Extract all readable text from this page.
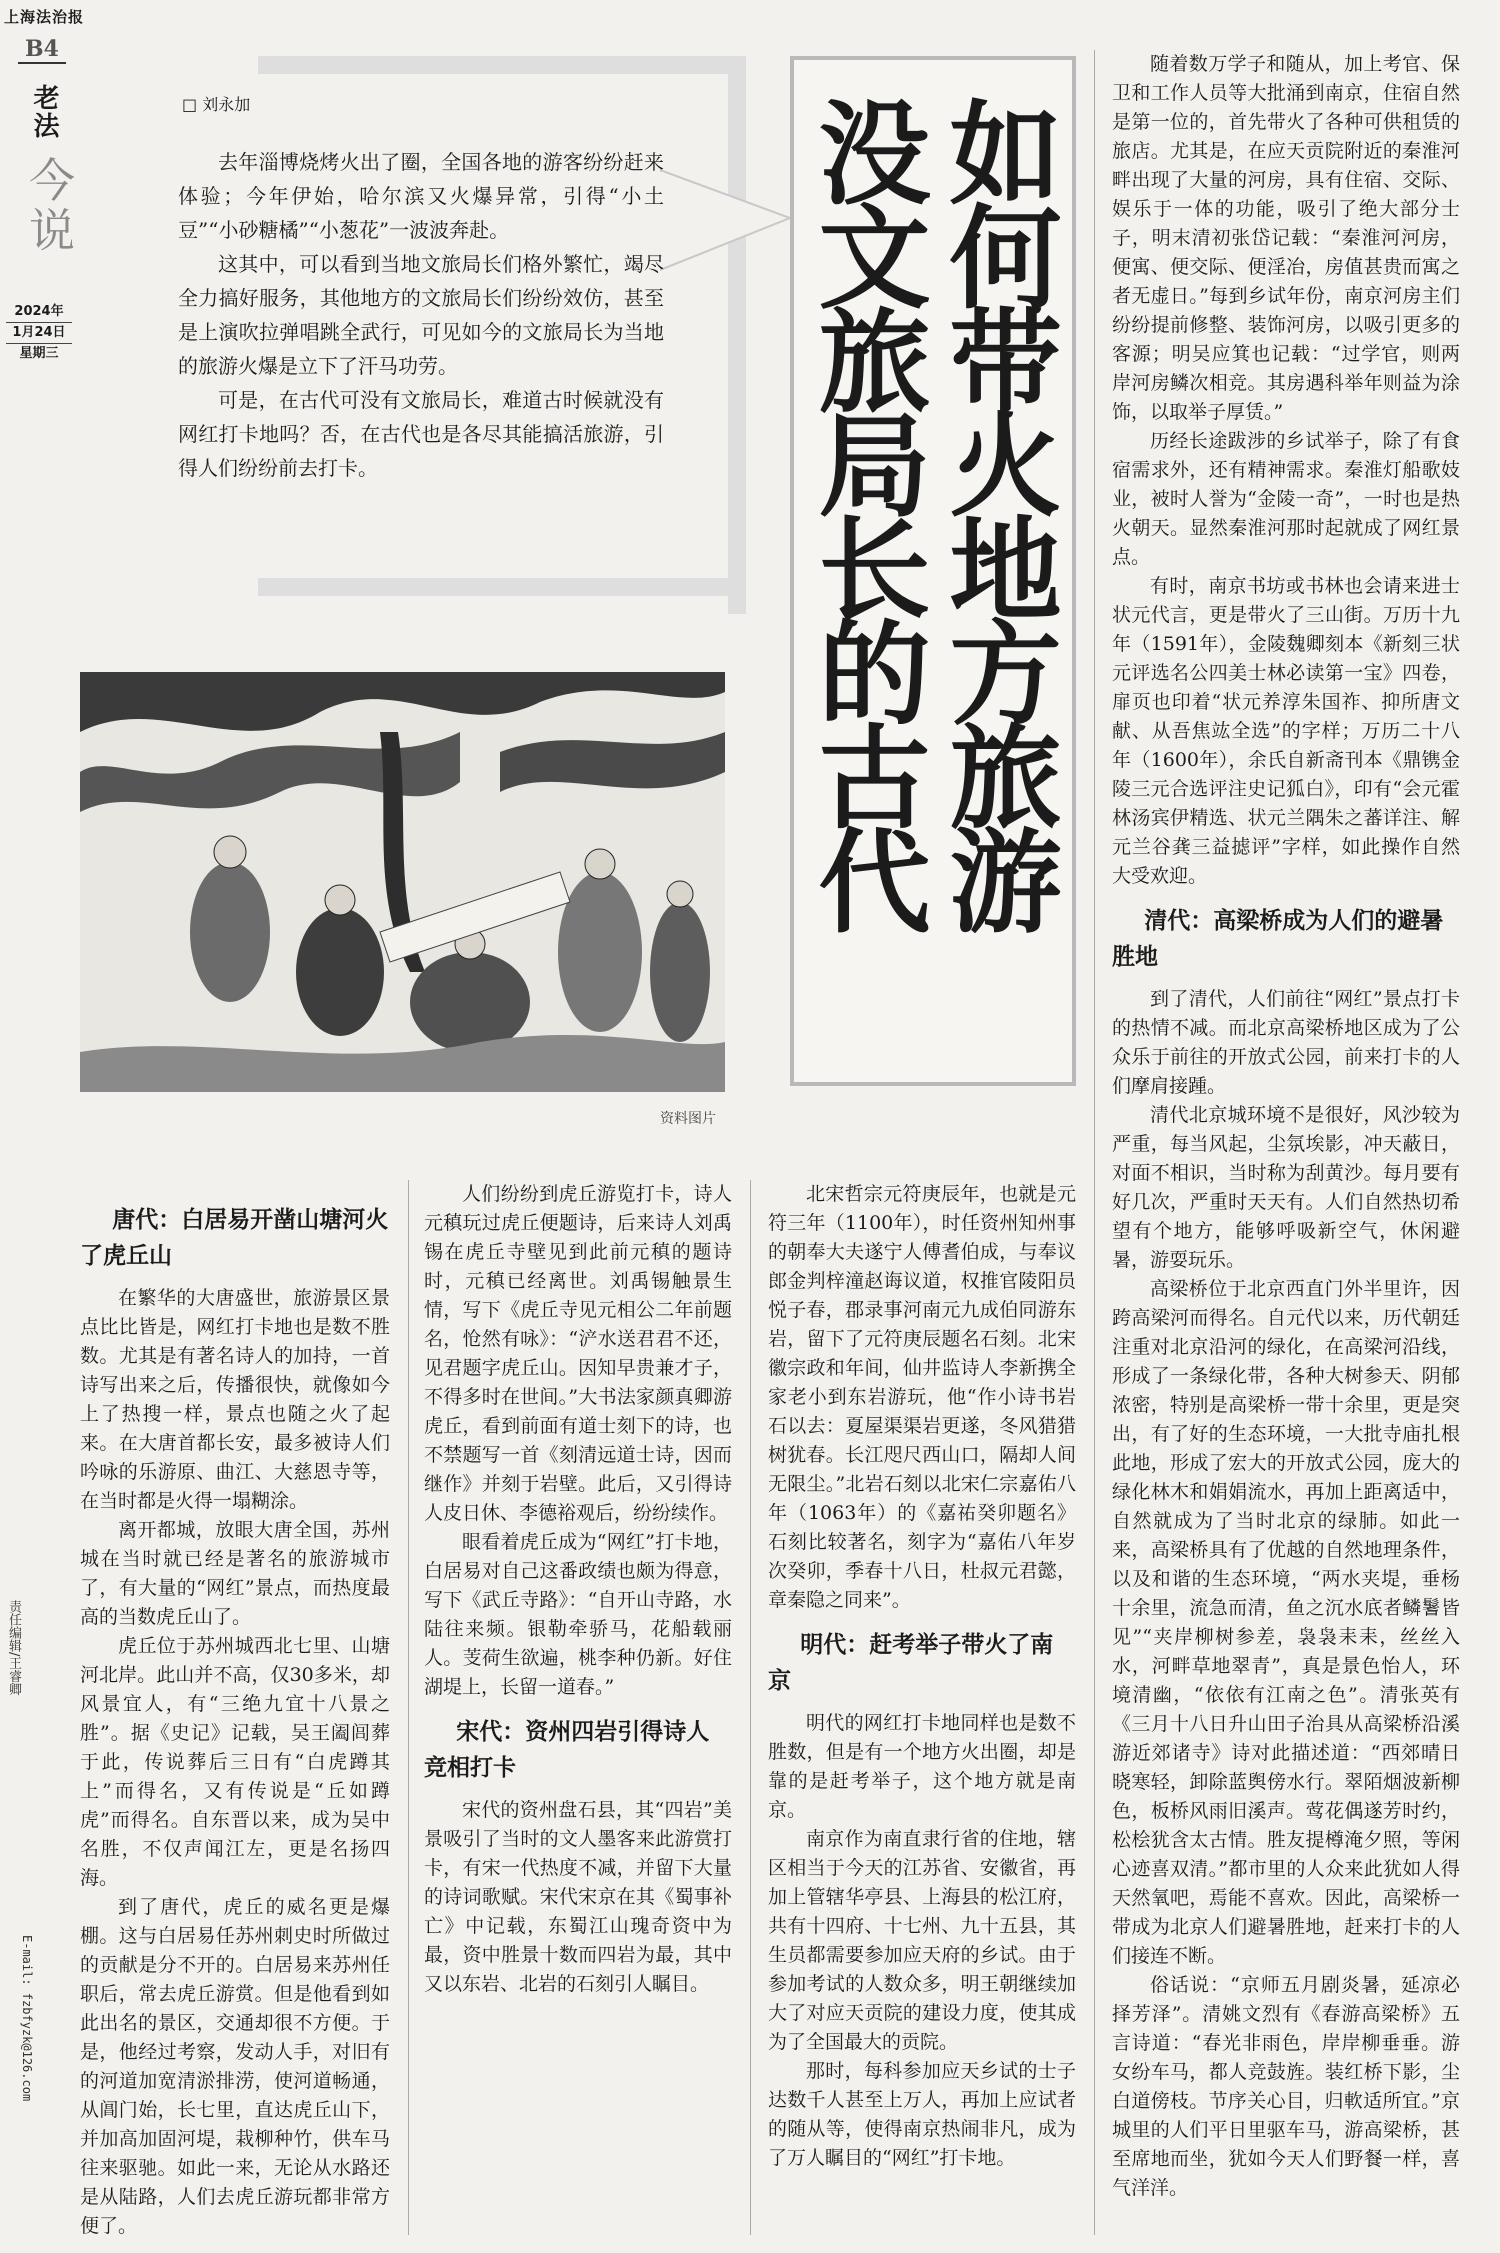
上海法治报
B4
老法
今说
2024年
1月24日
星期三
责任编辑/王睿卿
E-mail: fzbfyzk@126.com
□ 刘永加

去年淄博烧烤火出了圈，全国各地的游客纷纷赶来体验；今年伊始，哈尔滨又火爆异常，引得“小土豆”“小砂糖橘”“小葱花”一波波奔赴。

这其中，可以看到当地文旅局长们格外繁忙，竭尽全力搞好服务，其他地方的文旅局长们纷纷效仿，甚至是上演吹拉弹唱跳全武行，可见如今的文旅局长为当地的旅游火爆是立下了汗马功劳。

可是，在古代可没有文旅局长，难道古时候就没有网红打卡地吗？否，在古代也是各尽其能搞活旅游，引得人们纷纷前去打卡。	如何带火地方旅游
没文旅局长的古代
资料图片
唐代：白居易开凿山塘河火了虎丘山

在繁华的大唐盛世，旅游景区景点比比皆是，网红打卡地也是数不胜数。尤其是有著名诗人的加持，一首诗写出来之后，传播很快，就像如今上了热搜一样，景点也随之火了起来。在大唐首都长安，最多被诗人们吟咏的乐游原、曲江、大慈恩寺等，在当时都是火得一塌糊涂。

离开都城，放眼大唐全国，苏州城在当时就已经是著名的旅游城市了，有大量的“网红”景点，而热度最高的当数虎丘山了。

虎丘位于苏州城西北七里、山塘河北岸。此山并不高，仅30多米，却风景宜人，有“三绝九宜十八景之胜”。据《史记》记载，吴王阖闾葬于此，传说葬后三日有“白虎蹲其上”而得名，又有传说是“丘如蹲虎”而得名。自东晋以来，成为吴中名胜，不仅声闻江左，更是名扬四海。

到了唐代，虎丘的威名更是爆棚。这与白居易任苏州刺史时所做过的贡献是分不开的。白居易来苏州任职后，常去虎丘游赏。但是他看到如此出名的景区，交通却很不方便。于是，他经过考察，发动人手，对旧有的河道加宽清淤排涝，使河道畅通，从阊门始，长七里，直达虎丘山下，并加高加固河堤，栽柳种竹，供车马往来驱驰。如此一来，无论从水路还是从陆路，人们去虎丘游玩都非常方便了。

人们纷纷到虎丘游览打卡，诗人元稹玩过虎丘便题诗，后来诗人刘禹锡在虎丘寺壁见到此前元稹的题诗时，元稹已经离世。刘禹锡触景生情，写下《虎丘寺见元相公二年前题名，怆然有咏》：“浐水送君君不还，见君题字虎丘山。因知早贵兼才子，不得多时在世间。”大书法家颜真卿游虎丘，看到前面有道士刻下的诗，也不禁题写一首《刻清远道士诗，因而继作》并刻于岩壁。此后，又引得诗人皮日休、李德裕观后，纷纷续作。

眼看着虎丘成为“网红”打卡地，白居易对自己这番政绩也颇为得意，写下《武丘寺路》：“自开山寺路，水陆往来频。银勒牵骄马，花船载丽人。芰荷生欲遍，桃李种仍新。好住湖堤上，长留一道春。”

宋代：资州四岩引得诗人竞相打卡

宋代的资州盘石县，其“四岩”美景吸引了当时的文人墨客来此游赏打卡，有宋一代热度不减，并留下大量的诗词歌赋。宋代宋京在其《蜀事补亡》中记载，东蜀江山瑰奇资中为最，资中胜景十数而四岩为最，其中又以东岩、北岩的石刻引人瞩目。

北宋哲宗元符庚辰年，也就是元符三年（1100年），时任资州知州事的朝奉大夫遂宁人傅耆伯成，与奉议郎金判梓潼赵诲议道，权推官陵阳员悦子春，郡录事河南元九成伯同游东岩，留下了元符庚辰题名石刻。北宋徽宗政和年间，仙井监诗人李新携全家老小到东岩游玩，他“作小诗书岩石以去：夏屋渠渠岩更遂，冬风猎猎树犹春。长江咫尺西山口，隔却人间无限尘。”北岩石刻以北宋仁宗嘉佑八年（1063年）的《嘉祐癸卯题名》石刻比较著名，刻字为“嘉佑八年岁次癸卯，季春十八日，杜叔元君懿，章秦隐之同来”。

明代：赶考举子带火了南京

明代的网红打卡地同样也是数不胜数，但是有一个地方火出圈，却是靠的是赶考举子，这个地方就是南京。

南京作为南直隶行省的住地，辖区相当于今天的江苏省、安徽省，再加上管辖华亭县、上海县的松江府，共有十四府、十七州、九十五县，其生员都需要参加应天府的乡试。由于参加考试的人数众多，明王朝继续加大了对应天贡院的建设力度，使其成为了全国最大的贡院。

那时，每科参加应天乡试的士子达数千人甚至上万人，再加上应试者的随从等，使得南京热闹非凡，成为了万人瞩目的“网红”打卡地。

随着数万学子和随从，加上考官、保卫和工作人员等大批涌到南京，住宿自然是第一位的，首先带火了各种可供租赁的旅店。尤其是，在应天贡院附近的秦淮河畔出现了大量的河房，具有住宿、交际、娱乐于一体的功能，吸引了绝大部分士子，明末清初张岱记载：“秦淮河河房，便寓、便交际、便淫冶，房值甚贵而寓之者无虚日。”每到乡试年份，南京河房主们纷纷提前修整、装饰河房，以吸引更多的客源；明吴应箕也记载：“过学官，则两岸河房鳞次相竞。其房遇科举年则益为涂饰，以取举子厚赁。”

历经长途跋涉的乡试举子，除了有食宿需求外，还有精神需求。秦淮灯船歌妓业，被时人誉为“金陵一奇”，一时也是热火朝天。显然秦淮河那时起就成了网红景点。

有时，南京书坊或书林也会请来进士状元代言，更是带火了三山街。万历十九年（1591年），金陵魏卿刻本《新刻三状元评选名公四美士林必读第一宝》四卷，扉页也印着“状元养淳朱国祚、抑所唐文献、从吾焦竑全选”的字样；万历二十八年（1600年），余氏自新斋刊本《鼎镌金陵三元合选评注史记狐白》，印有“会元霍林汤宾伊精选、状元兰隅朱之蕃详注、解元兰谷龚三益摅评”字样，如此操作自然大受欢迎。

清代：高梁桥成为人们的避暑胜地

到了清代，人们前往“网红”景点打卡的热情不减。而北京高梁桥地区成为了公众乐于前往的开放式公园，前来打卡的人们摩肩接踵。

清代北京城环境不是很好，风沙较为严重，每当风起，尘氛埃影，冲天蔽日，对面不相识，当时称为刮黄沙。每月要有好几次，严重时天天有。人们自然热切希望有个地方，能够呼吸新空气，休闲避暑，游耍玩乐。

高梁桥位于北京西直门外半里许，因跨高梁河而得名。自元代以来，历代朝廷注重对北京沿河的绿化，在高梁河沿线，形成了一条绿化带，各种大树参天、阴郁浓密，特别是高梁桥一带十余里，更是突出，有了好的生态环境，一大批寺庙扎根此地，形成了宏大的开放式公园，庞大的绿化林木和娟娟流水，再加上距离适中，自然就成为了当时北京的绿肺。如此一来，高梁桥具有了优越的自然地理条件，以及和谐的生态环境，“两水夹堤，垂杨十余里，流急而清，鱼之沉水底者鳞鬐皆见”“夹岸柳树参差，袅袅耒耒，丝丝入水，河畔草地翠青”，真是景色怡人，环境清幽，“依依有江南之色”。清张英有《三月十八日升山田子治具从高梁桥沿溪游近郊诸寺》诗对此描述道：“西郊晴日晓寒轻，卸除蓝舆傍水行。翠陌烟波新柳色，板桥风雨旧溪声。莺花偶遂芳时约，松桧犹含太古情。胜友提樽淹夕照，等闲心迹喜双清。”都市里的人众来此犹如人得天然氧吧，焉能不喜欢。因此，高梁桥一带成为北京人们避暑胜地，赶来打卡的人们接连不断。

俗话说：“京师五月剧炎暑，延凉必择芳泽”。清姚文烈有《春游高梁桥》五言诗道：“春光非雨色，岸岸柳垂垂。游女纷车马，都人竞鼓旌。装红桥下影，尘白道傍枝。节序关心目，归軟适所宜。”京城里的人们平日里驱车马，游高梁桥，甚至席地而坐，犹如今天人们野餐一样，喜气洋洋。
